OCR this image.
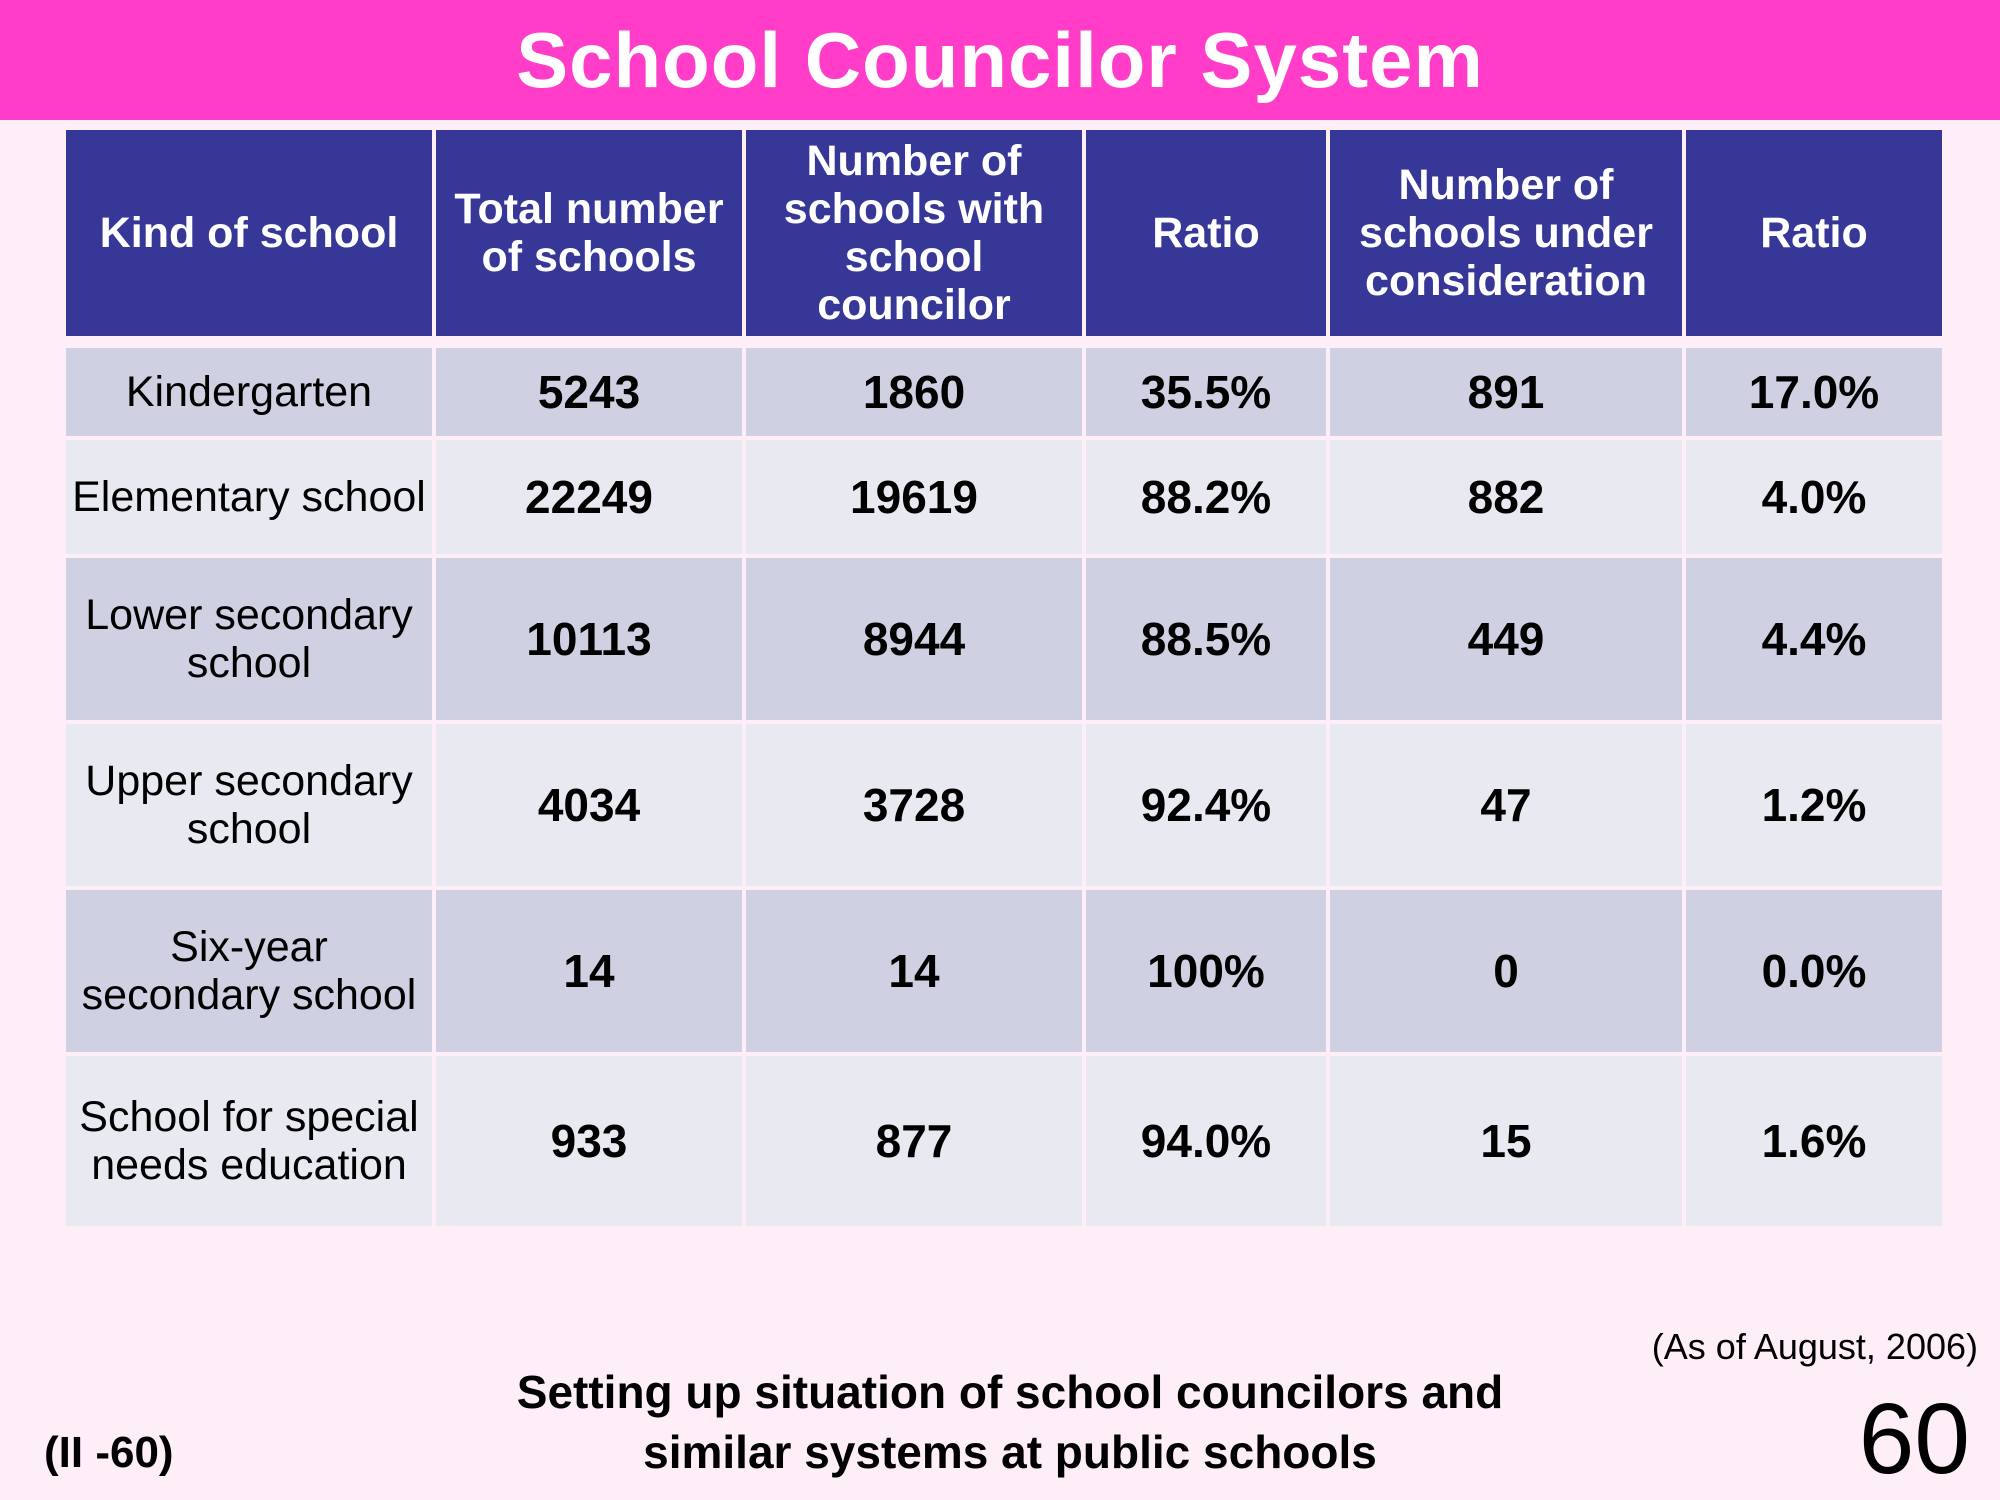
School Councilor System
Kind of school	Total number of schools	Number of schools with school councilor	Ratio	Number of schools under consideration	Ratio

Kindergarten	5243	1860	35.5%	891	17.0%
Elementary school	22249	19619	88.2%	882	4.0%
Lower secondary school	10113	8944	88.5%	449	4.4%
Upper secondary school	4034	3728	92.4%	47	1.2%
Six-year secondary school	14	14	100%	0	0.0%
School for special needs education	933	877	94.0%	15	1.6%
(As of August, 2006)
Setting up situation of school councilors and
similar systems at public schools
(II -60)	60
